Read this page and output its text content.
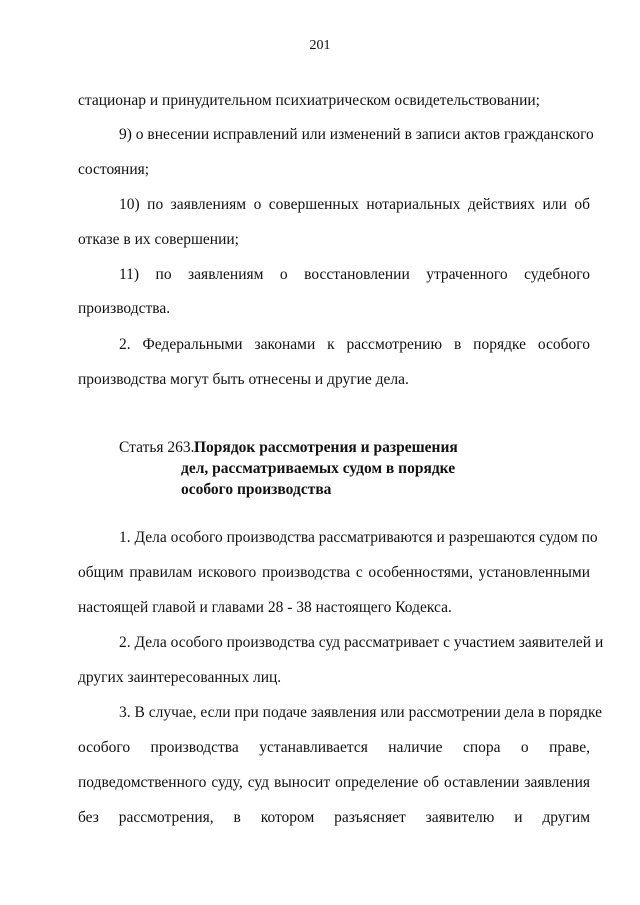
201
стационар и принудительном психиатрическом освидетельствовании;
9) о внесении исправлений или изменений в записи актов гражданского
состояния;
10) по заявлениям о совершенных нотариальных действиях или об
отказе в их совершении;
11) по заявлениям о восстановлении утраченного судебного
производства.
2. Федеральными законами к рассмотрению в порядке особого
производства могут быть отнесены и другие дела.
Статья 263. Порядок рассмотрения и разрешения
дел, рассматриваемых судом в порядке
особого производства
1. Дела особого производства рассматриваются и разрешаются судом по
общим правилам искового производства с особенностями, установленными
настоящей главой и главами 28 - 38 настоящего Кодекса.
2. Дела особого производства суд рассматривает с участием заявителей и
других заинтересованных лиц.
3. В случае, если при подаче заявления или рассмотрении дела в порядке
особого производства устанавливается наличие спора о праве,
подведомственного суду, суд выносит определение об оставлении заявления
без рассмотрения, в котором разъясняет заявителю и другим
